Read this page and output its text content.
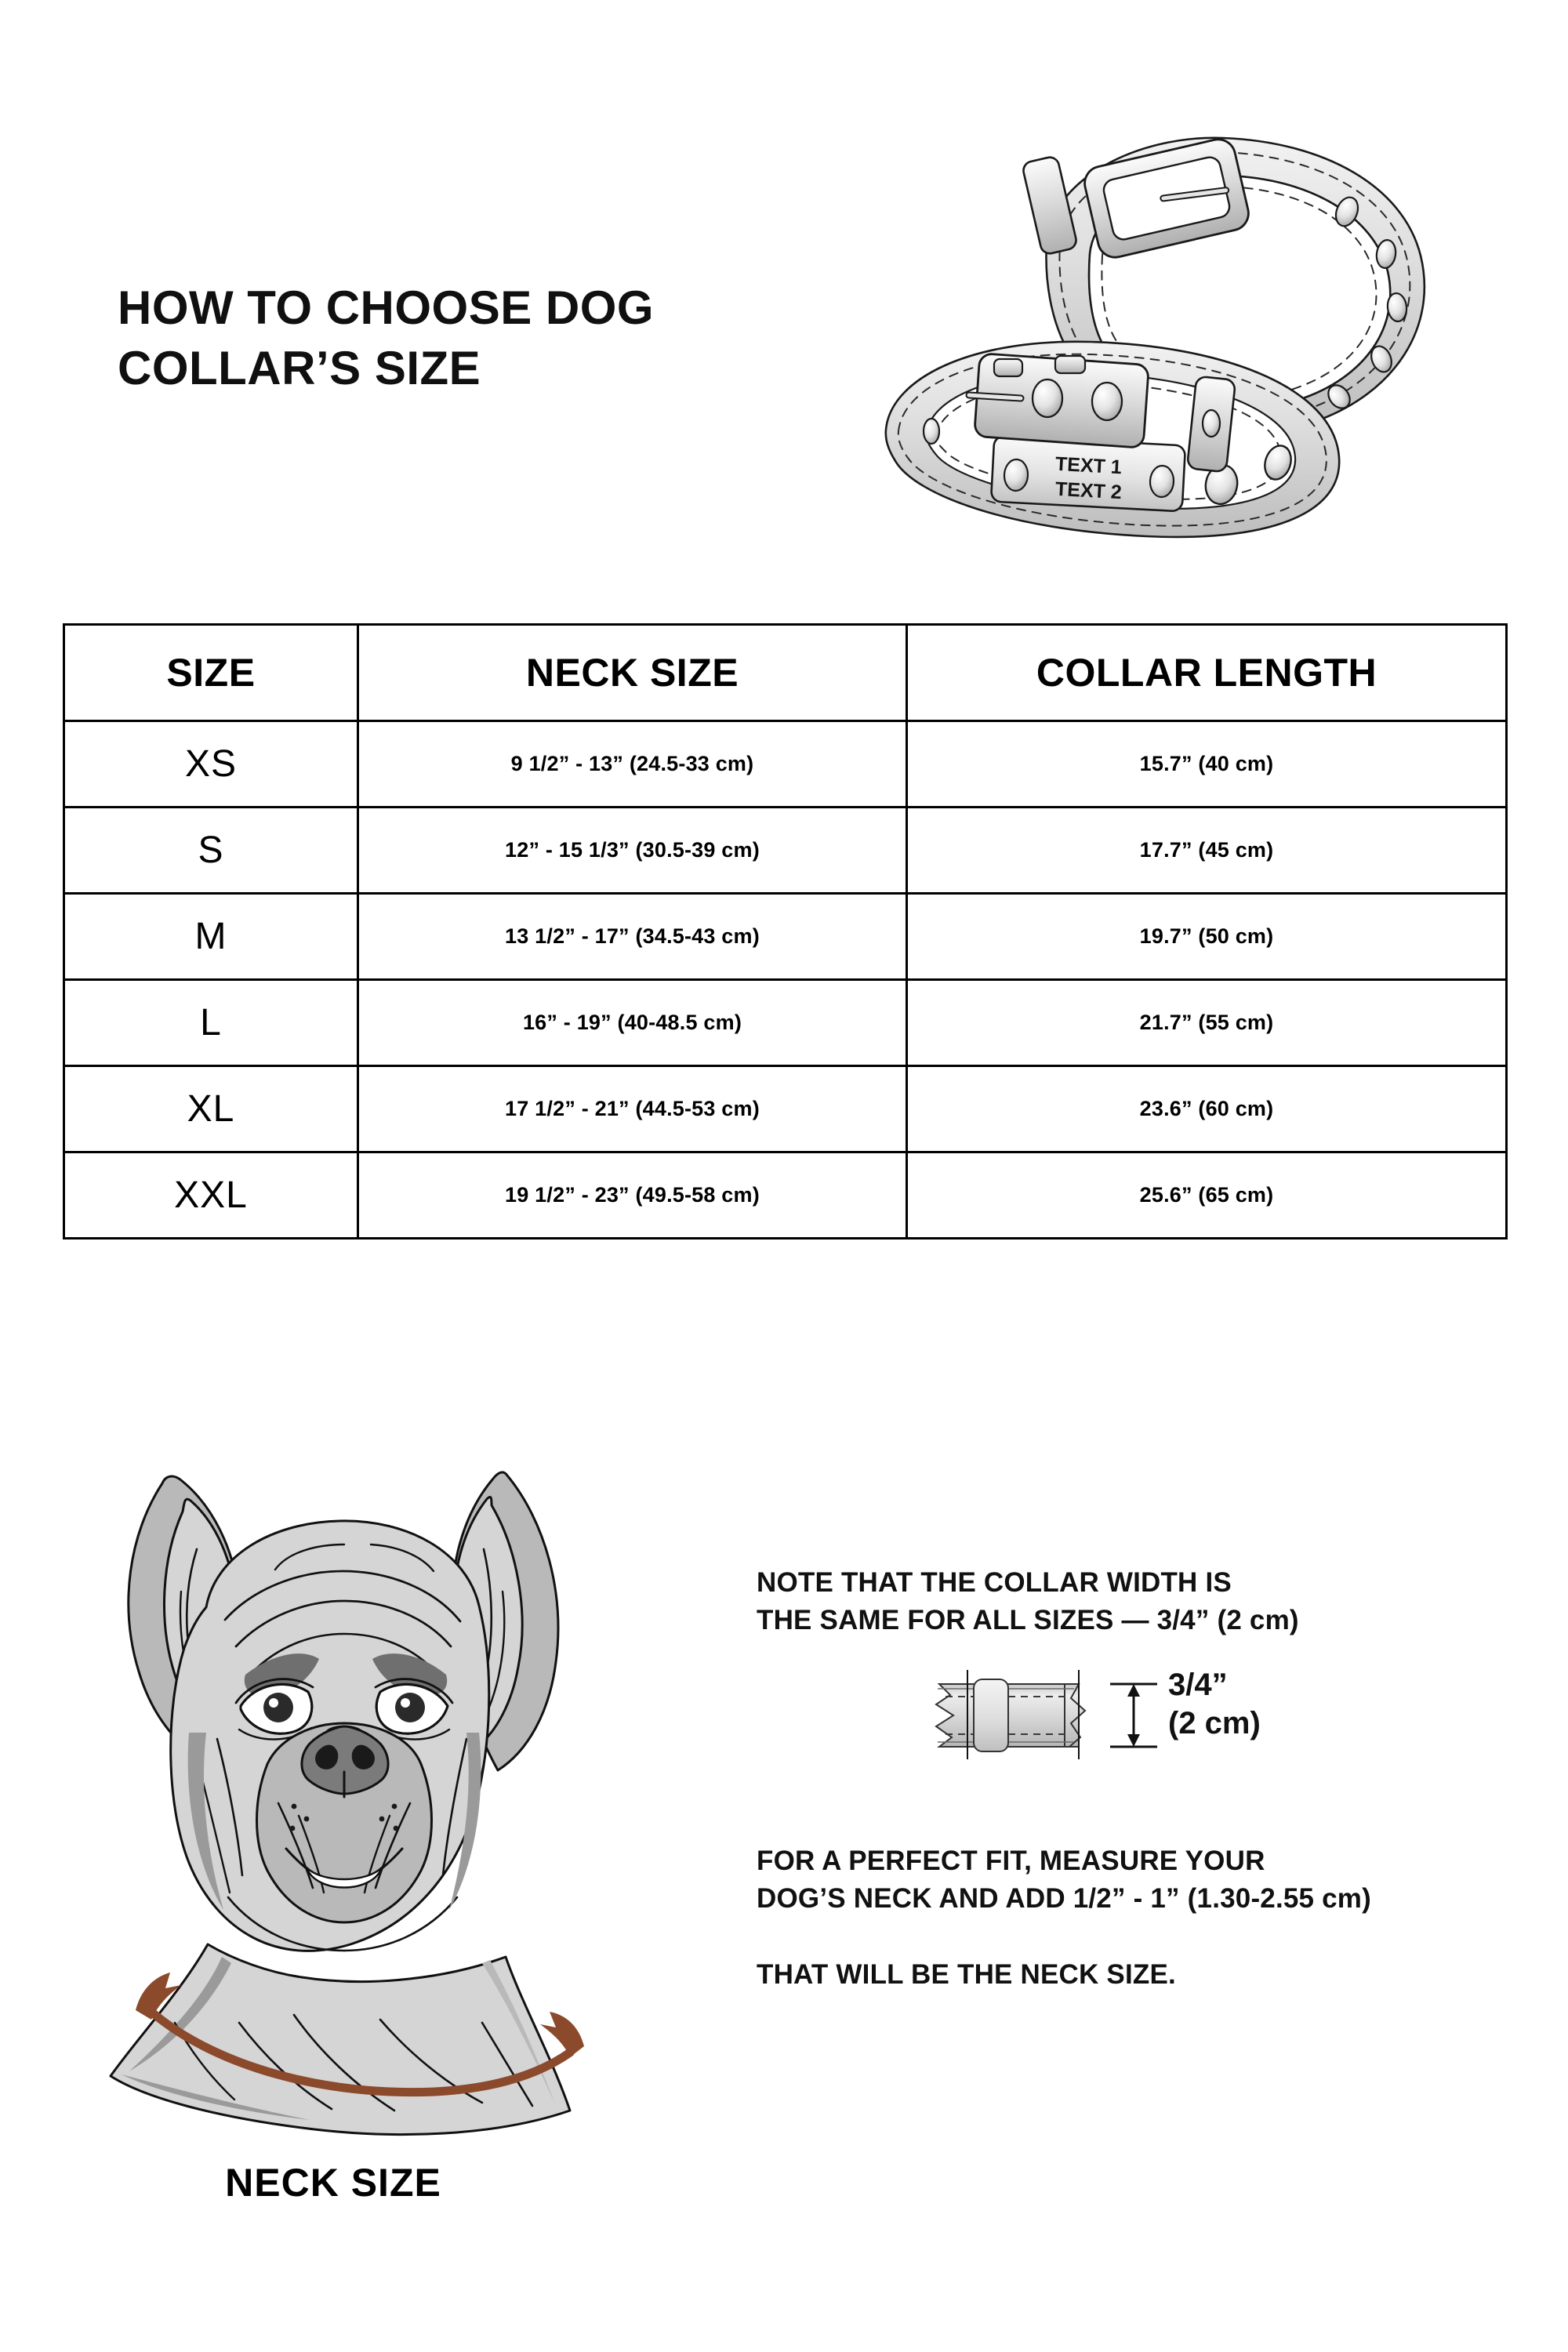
HOW TO CHOOSE DOG
COLLAR’S SIZE
TEXT 1
TEXT 2
SIZE	NECK SIZE	COLLAR LENGTH
XS	9 1/2” - 13” (24.5-33 cm)	15.7” (40 cm)
S	12” - 15 1/3” (30.5-39 cm)	17.7” (45 cm)
M	13 1/2” - 17” (34.5-43 cm)	19.7” (50 cm)
L	16” - 19” (40-48.5 cm)	21.7” (55 cm)
XL	17 1/2” - 21” (44.5-53 cm)	23.6” (60 cm)
XXL	19 1/2” - 23” (49.5-58 cm)	25.6” (65 cm)
NECK SIZE

NOTE THAT THE COLLAR WIDTH IS
THE SAME FOR ALL SIZES — 3/4” (2 cm)

3/4”
(2 cm)

FOR A PERFECT FIT, MEASURE YOUR
DOG’S NECK AND ADD 1/2” - 1” (1.30-2.55 cm)

THAT WILL BE THE NECK SIZE.
